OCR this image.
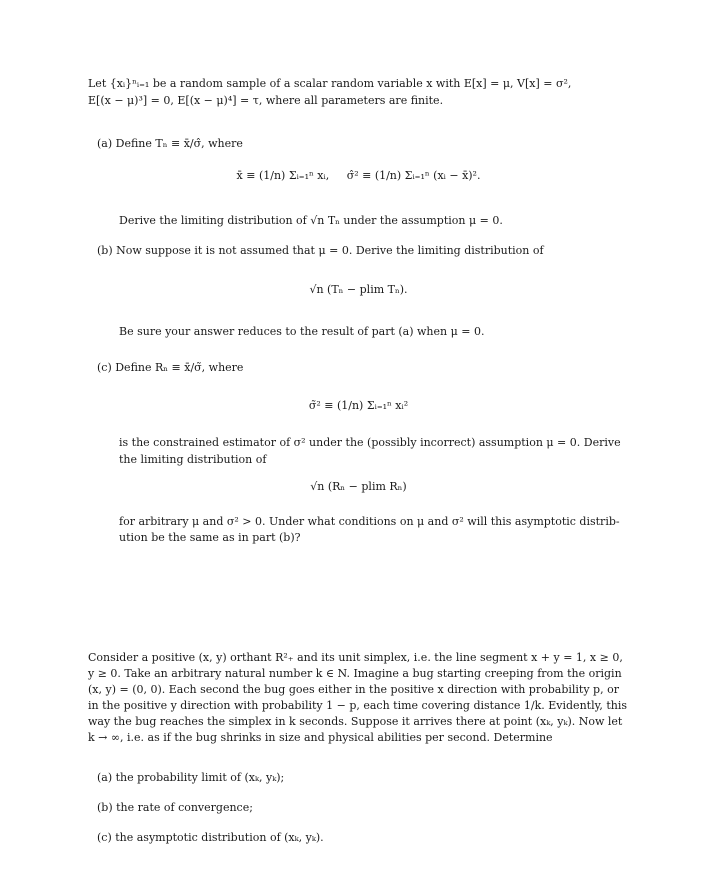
Let {xᵢ}ⁿᵢ₌₁ be a random sample of a scalar random variable x with E[x] = μ, V[x] = σ²,
E[(x − μ)³] = 0, E[(x − μ)⁴] = τ, where all parameters are finite.
(a) Define Tₙ ≡ x̄/σ̂, where
x̄ ≡ (1/n) Σᵢ₌₁ⁿ xᵢ, σ̂² ≡ (1/n) Σᵢ₌₁ⁿ (xᵢ − x̄)².
Derive the limiting distribution of √n Tₙ under the assumption μ = 0.
(b) Now suppose it is not assumed that μ = 0. Derive the limiting distribution of
√n (Tₙ − plim Tₙ).
Be sure your answer reduces to the result of part (a) when μ = 0.
(c) Define Rₙ ≡ x̄/σ̃, where
σ̃² ≡ (1/n) Σᵢ₌₁ⁿ xᵢ²
is the constrained estimator of σ² under the (possibly incorrect) assumption μ = 0. Derive
the limiting distribution of
√n (Rₙ − plim Rₙ)
for arbitrary μ and σ² > 0. Under what conditions on μ and σ² will this asymptotic distrib-
ution be the same as in part (b)?
Consider a positive (x, y) orthant R²₊ and its unit simplex, i.e. the line segment x + y = 1, x ≥ 0,
y ≥ 0. Take an arbitrary natural number k ∈ N. Imagine a bug starting creeping from the origin
(x, y) = (0, 0). Each second the bug goes either in the positive x direction with probability p, or
in the positive y direction with probability 1 − p, each time covering distance 1/k. Evidently, this
way the bug reaches the simplex in k seconds. Suppose it arrives there at point (xₖ, yₖ). Now let
k → ∞, i.e. as if the bug shrinks in size and physical abilities per second. Determine
(a) the probability limit of (xₖ, yₖ);
(b) the rate of convergence;
(c) the asymptotic distribution of (xₖ, yₖ).
